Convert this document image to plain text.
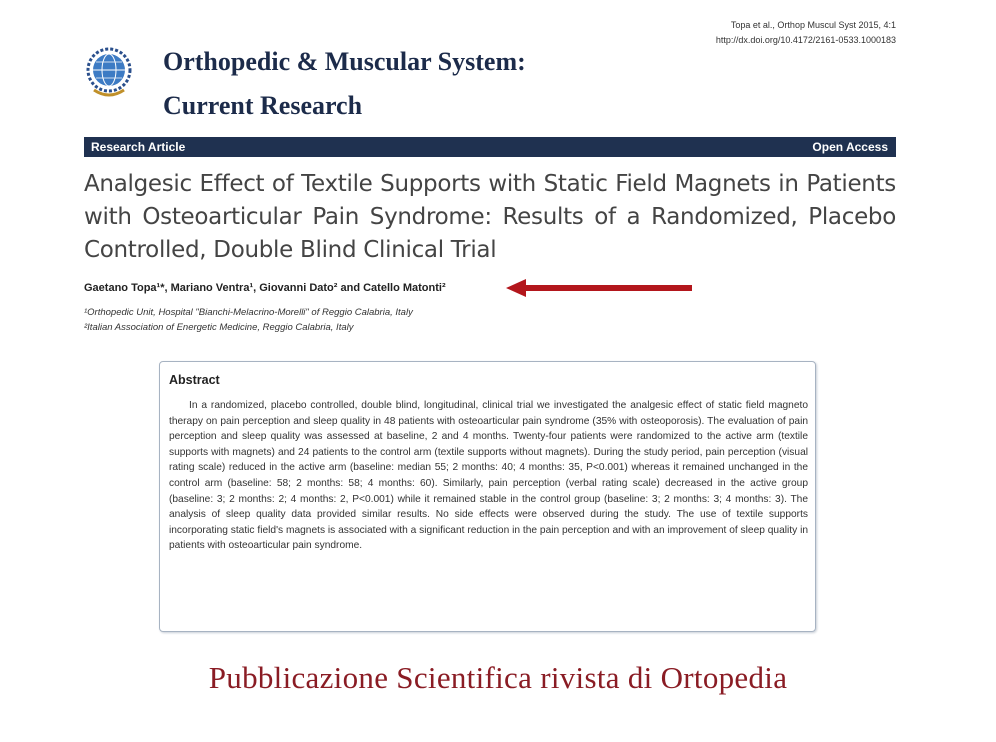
Orthopedic & Muscular System:
Current Research
Topa et al., Orthop Muscul Syst 2015, 4:1
http://dx.doi.org/10.4172/2161-0533.1000183
Research Article	Open Access
Analgesic Effect of Textile Supports with Static Field Magnets in Patients with Osteoarticular Pain Syndrome: Results of a Randomized, Placebo Controlled, Double Blind Clinical Trial
Gaetano Topa¹*, Mariano Ventra¹, Giovanni Dato² and Catello Matonti²
¹Orthopedic Unit, Hospital "Bianchi-Melacrino-Morelli" of Reggio Calabria, Italy
²Italian Association of Energetic Medicine, Reggio Calabria, Italy
Abstract
In a randomized, placebo controlled, double blind, longitudinal, clinical trial we investigated the analgesic effect of static field magneto therapy on pain perception and sleep quality in 48 patients with osteoarticular pain syndrome (35% with osteoporosis). The evaluation of pain perception and sleep quality was assessed at baseline, 2 and 4 months. Twenty-four patients were randomized to the active arm (textile supports with magnets) and 24 patients to the control arm (textile supports without magnets). During the study period, pain perception (visual rating scale) reduced in the active arm (baseline: median 55; 2 months: 40; 4 months: 35, P<0.001) whereas it remained unchanged in the control arm (baseline: 58; 2 months: 58; 4 months: 60). Similarly, pain perception (verbal rating scale) decreased in the active group (baseline: 3; 2 months: 2; 4 months: 2, P<0.001) while it remained stable in the control group (baseline: 3; 2 months: 3; 4 months: 3). The analysis of sleep quality data provided similar results. No side effects were observed during the study. The use of textile supports incorporating static field's magnets is associated with a significant reduction in the pain perception and with an improvement of sleep quality in patients with osteoarticular pain syndrome.
Pubblicazione Scientifica rivista di Ortopedia
